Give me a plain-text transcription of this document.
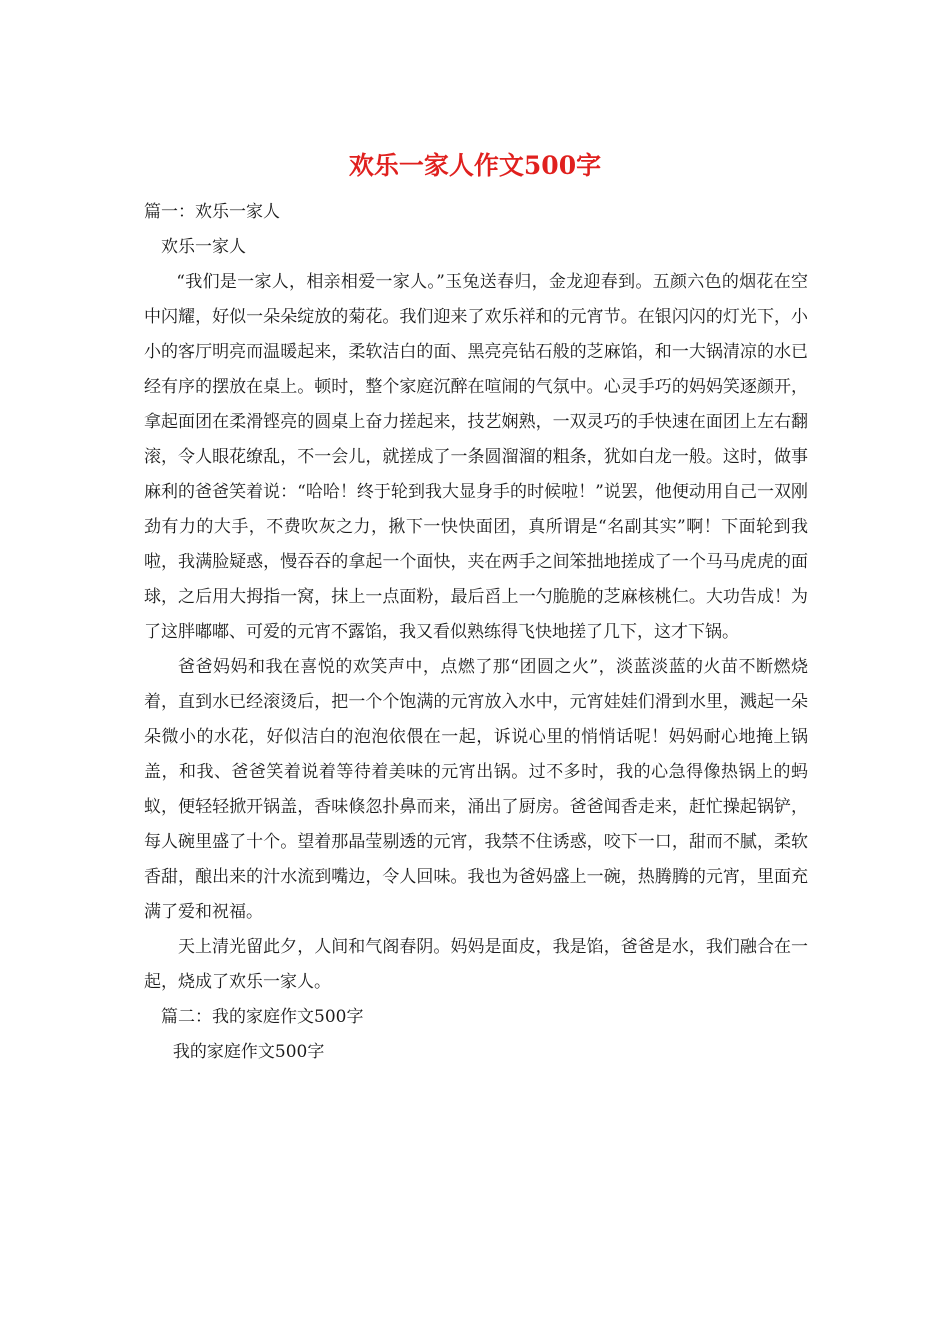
欢乐一家人作文500字
篇一：欢乐一家人
欢乐一家人

“我们是一家人，相亲相爱一家人。”玉兔送春归，金龙迎春到。五颜六色的烟花在空中闪耀，好似一朵朵绽放的菊花。我们迎来了欢乐祥和的元宵节。在银闪闪的灯光下，小小的客厅明亮而温暖起来，柔软洁白的面、黑亮亮钻石般的芝麻馅，和一大锅清凉的水已经有序的摆放在桌上。顿时，整个家庭沉醉在喧闹的气氛中。心灵手巧的妈妈笑逐颜开，拿起面团在柔滑铿亮的圆桌上奋力搓起来，技艺娴熟，一双灵巧的手快速在面团上左右翻滚，令人眼花缭乱，不一会儿，就搓成了一条圆溜溜的粗条，犹如白龙一般。这时，做事麻利的爸爸笑着说：“哈哈！终于轮到我大显身手的时候啦！”说罢，他便动用自己一双刚劲有力的大手，不费吹灰之力，揪下一快快面团，真所谓是“名副其实”啊！下面轮到我啦，我满脸疑惑，慢吞吞的拿起一个面快，夹在两手之间笨拙地搓成了一个马马虎虎的面球，之后用大拇指一窝，抹上一点面粉，最后舀上一勺脆脆的芝麻核桃仁。大功告成！为了这胖嘟嘟、可爱的元宵不露馅，我又看似熟练得飞快地搓了几下，这才下锅。

爸爸妈妈和我在喜悦的欢笑声中，点燃了那“团圆之火”，淡蓝淡蓝的火苗不断燃烧着，直到水已经滚烫后，把一个个饱满的元宵放入水中，元宵娃娃们滑到水里，溅起一朵朵微小的水花，好似洁白的泡泡依偎在一起，诉说心里的悄悄话呢！妈妈耐心地掩上锅盖，和我、爸爸笑着说着等待着美味的元宵出锅。过不多时，我的心急得像热锅上的蚂蚁，便轻轻掀开锅盖，香味倏忽扑鼻而来，涌出了厨房。爸爸闻香走来，赶忙操起锅铲，每人碗里盛了十个。望着那晶莹剔透的元宵，我禁不住诱惑，咬下一口，甜而不腻，柔软香甜，酿出来的汁水流到嘴边，令人回味。我也为爸妈盛上一碗，热腾腾的元宵，里面充满了爱和祝福。

天上清光留此夕，人间和气阁春阴。妈妈是面皮，我是馅，爸爸是水，我们融合在一起，烧成了欢乐一家人。

篇二：我的家庭作文500字
我的家庭作文500字
